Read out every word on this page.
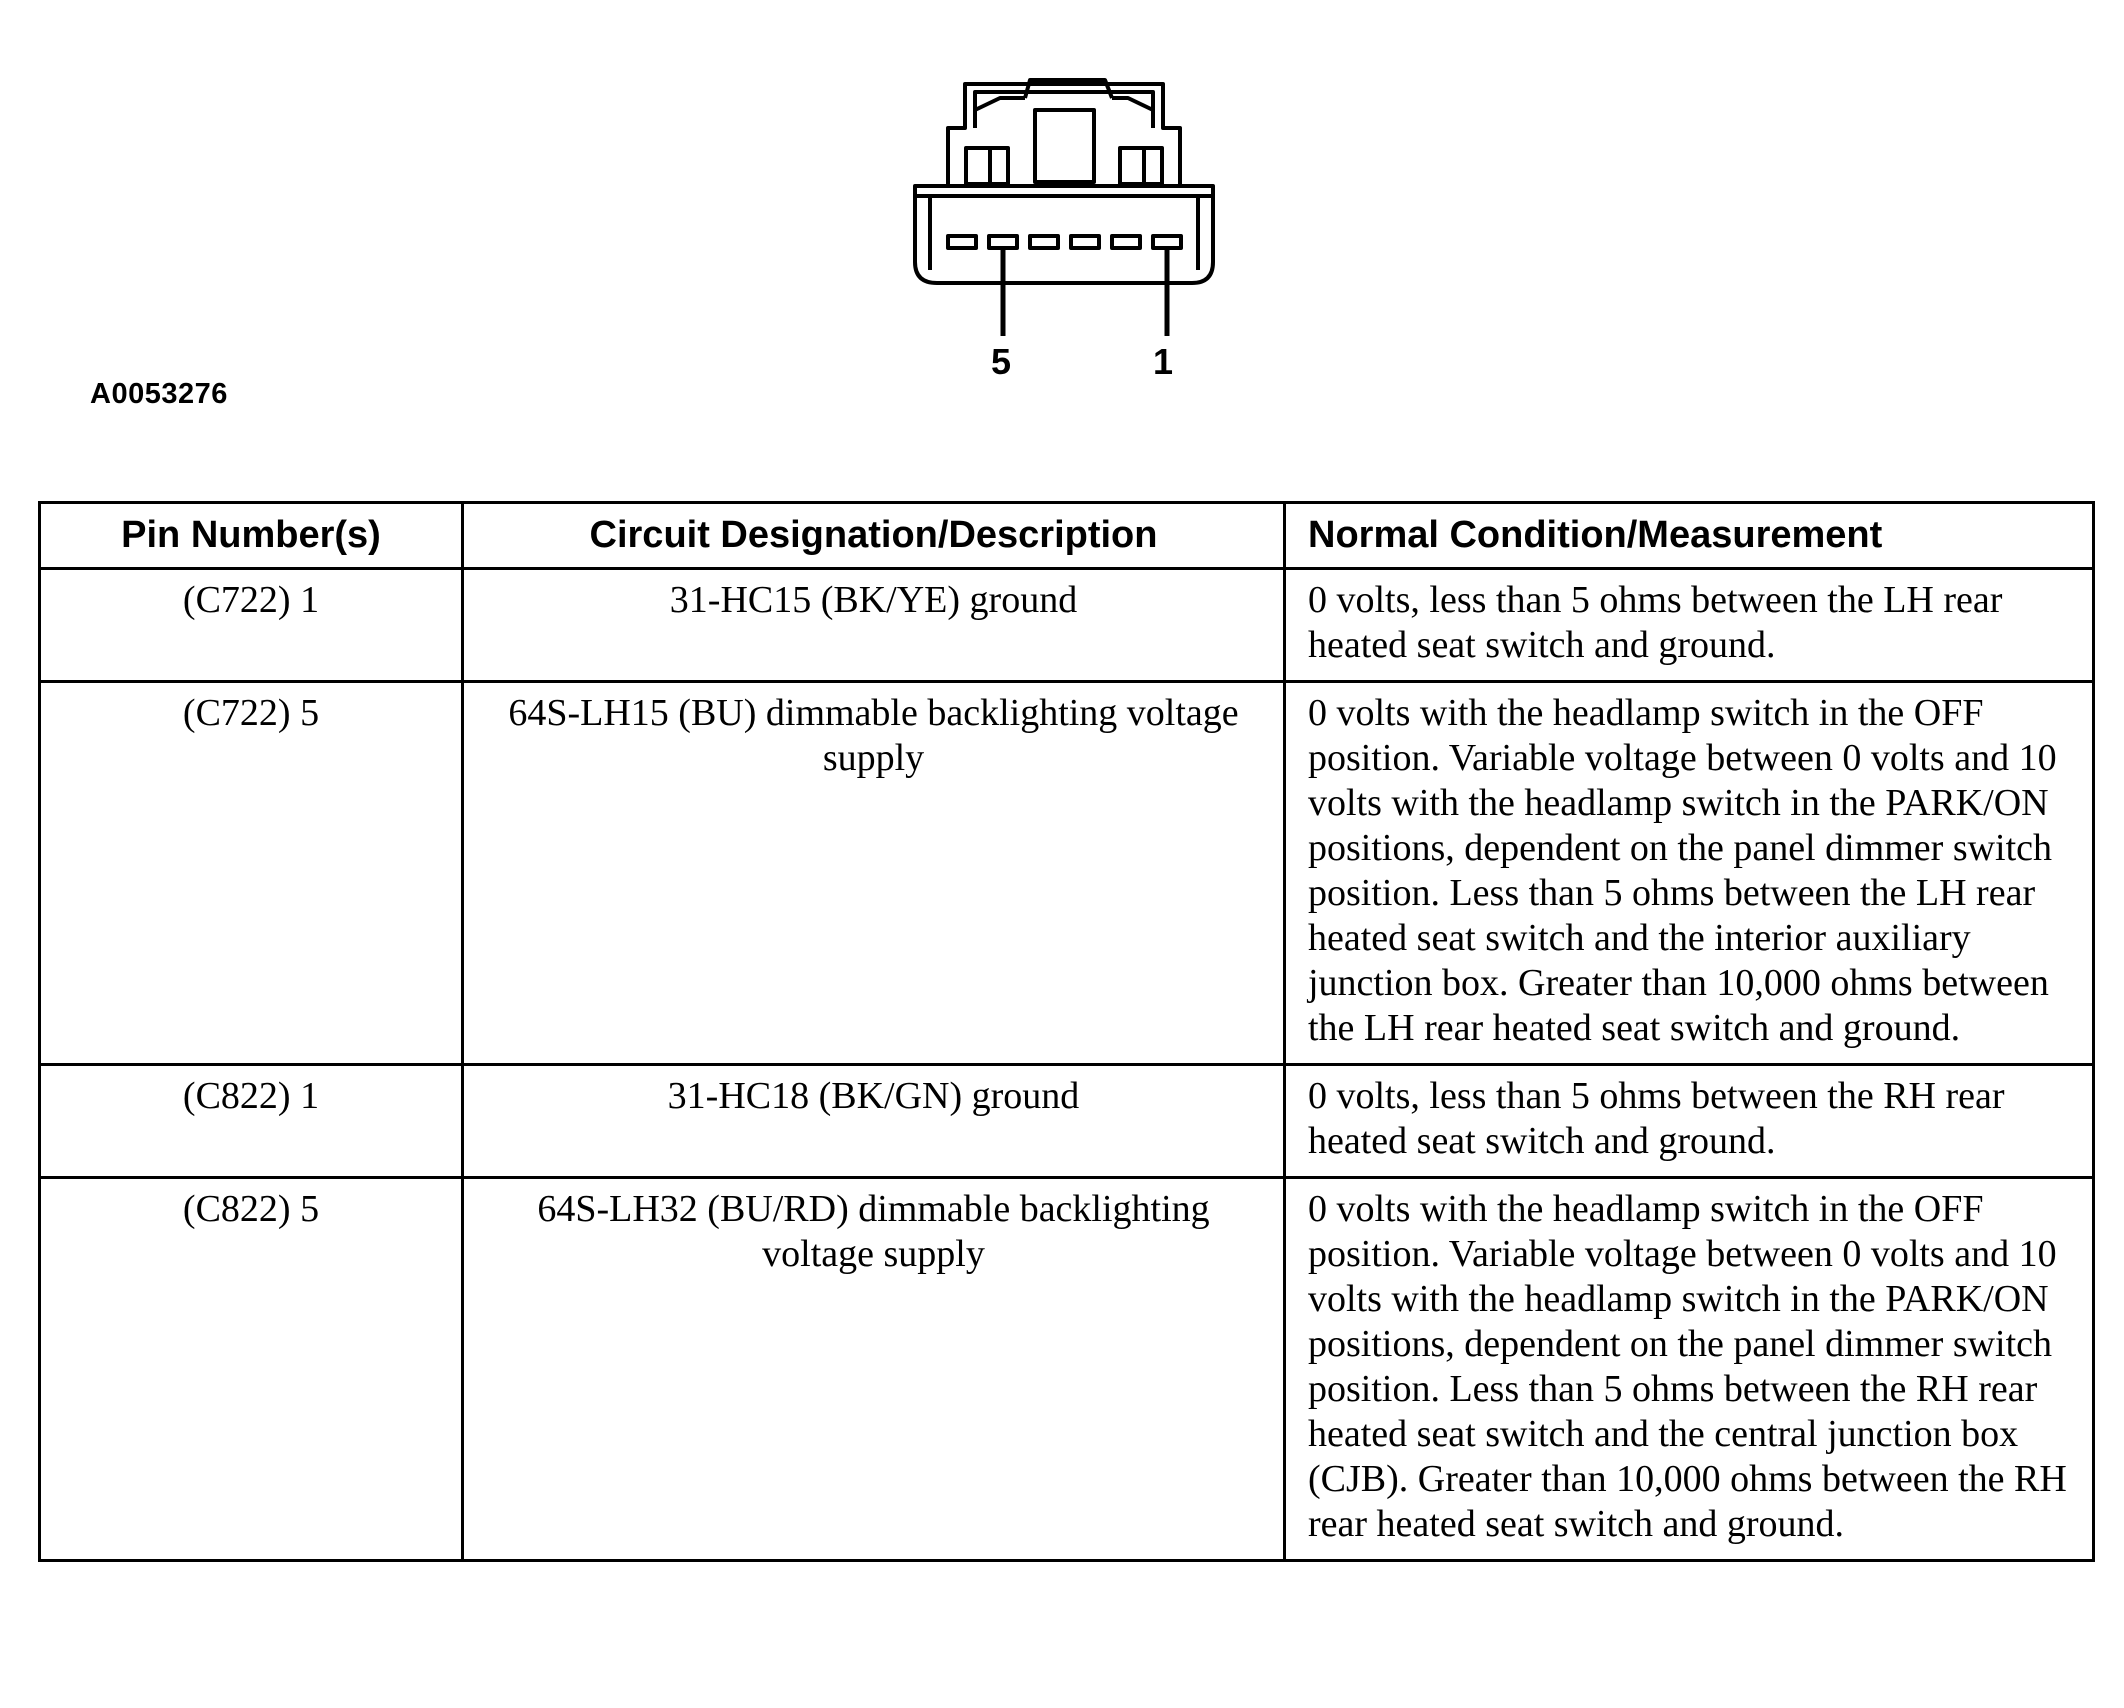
5	1
A0053276
Pin Number(s)	Circuit Designation/Description	Normal Condition/Measurement
(C722) 1	31-HC15 (BK/YE) ground	0 volts, less than 5 ohms between the LH rear heated seat switch and ground.
(C722) 5	64S-LH15 (BU) dimmable backlighting voltage supply	0 volts with the headlamp switch in the OFF position. Variable voltage between 0 volts and 10 volts with the headlamp switch in the PARK/ON positions, dependent on the panel dimmer switch position. Less than 5 ohms between the LH rear heated seat switch and the interior auxiliary junction box. Greater than 10,000 ohms between the LH rear heated seat switch and ground.
(C822) 1	31-HC18 (BK/GN) ground	0 volts, less than 5 ohms between the RH rear heated seat switch and ground.
(C822) 5	64S-LH32 (BU/RD) dimmable backlighting voltage supply	0 volts with the headlamp switch in the OFF position. Variable voltage between 0 volts and 10 volts with the headlamp switch in the PARK/ON positions, dependent on the panel dimmer switch position. Less than 5 ohms between the RH rear heated seat switch and the central junction box (CJB). Greater than 10,000 ohms between the RH rear heated seat switch and ground.
